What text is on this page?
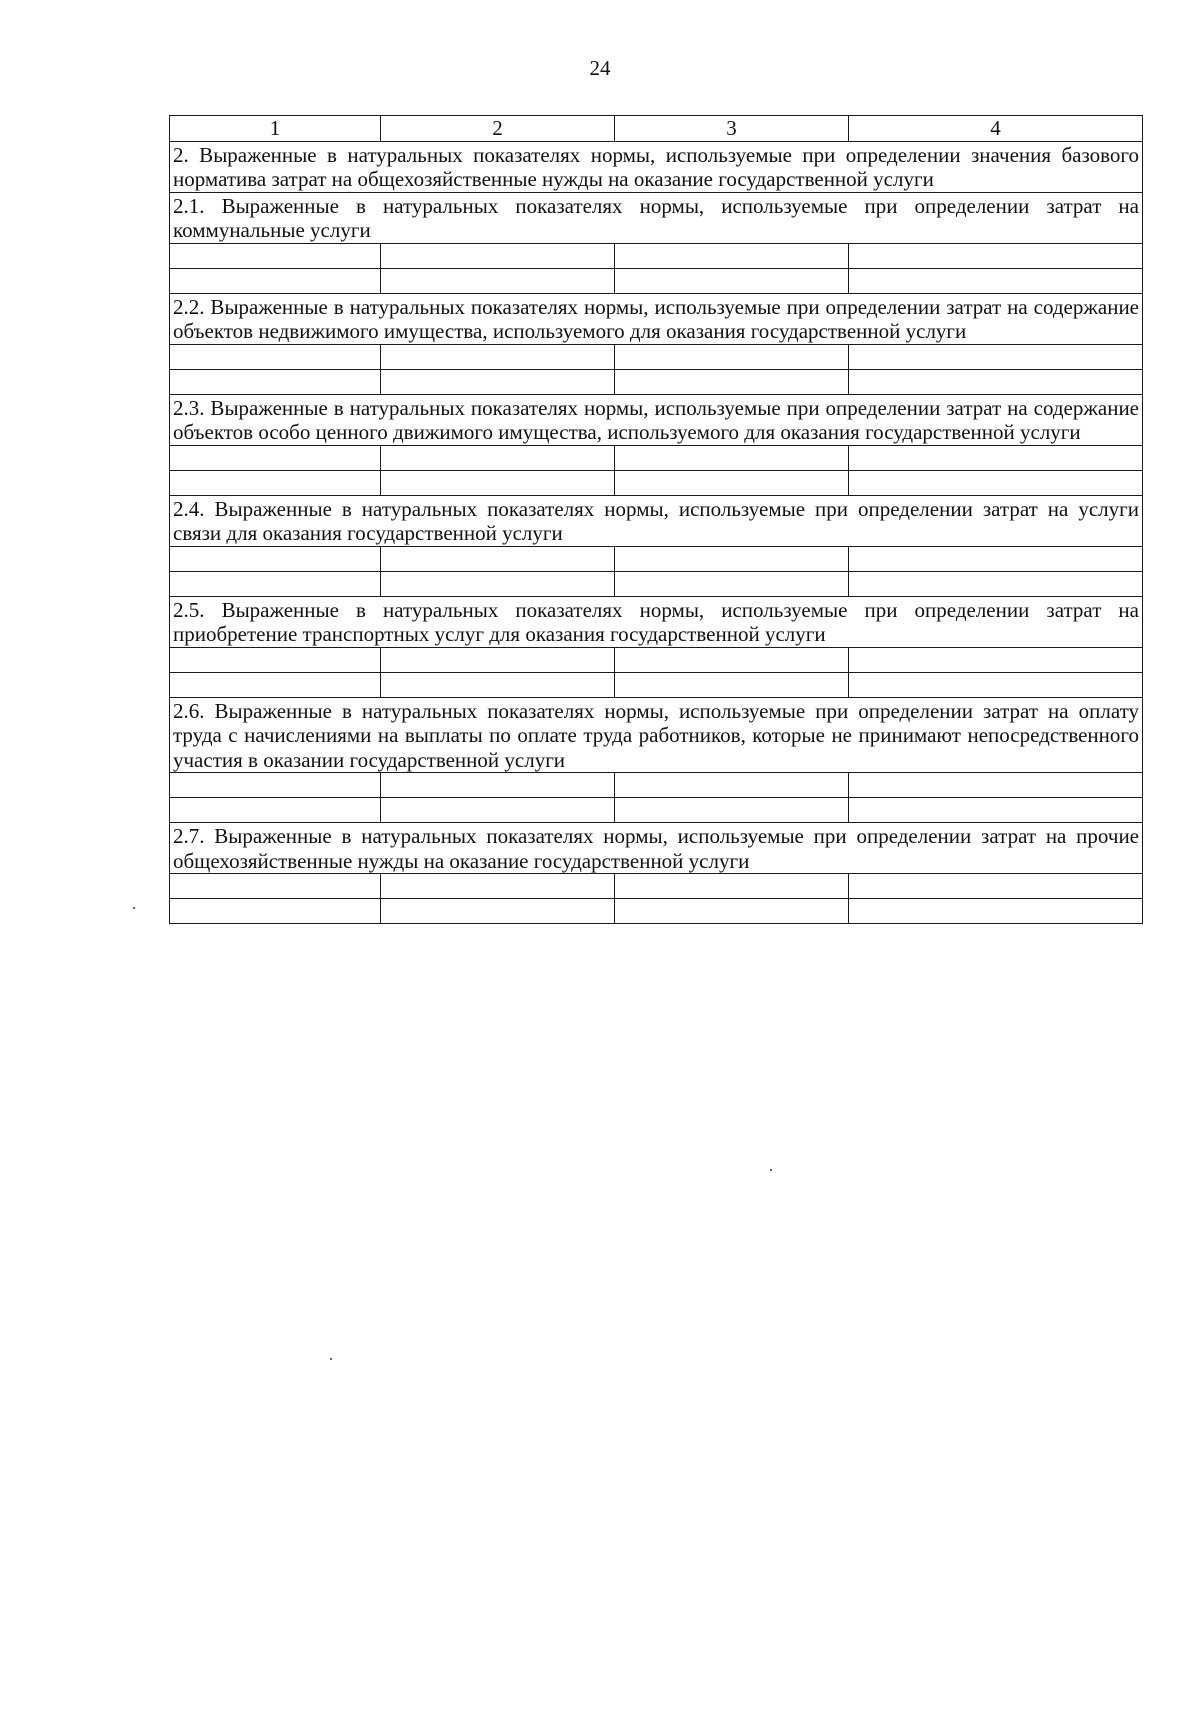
24
1	2	3	4
2. Выраженные в натуральных показателях нормы, используемые при определении значения базового норматива затрат на общехозяйственные нужды на оказание государственной услуги			
2.1. Выраженные в натуральных показателях нормы, используемые при определении затрат на коммунальные услуги			

2.2. Выраженные в натуральных показателях нормы, используемые при определении затрат на содержание объектов недвижимого имущества, используемого для оказания государственной услуги			

2.3. Выраженные в натуральных показателях нормы, используемые при определении затрат на содержание объектов особо ценного движимого имущества, используемого для оказания государственной услуги			

2.4. Выраженные в натуральных показателях нормы, используемые при определении затрат на услуги связи для оказания государственной услуги			

2.5. Выраженные в натуральных показателях нормы, используемые при определении затрат на приобретение транспортных услуг для оказания государственной услуги			

2.6. Выраженные в натуральных показателях нормы, используемые при определении затрат на оплату труда с начислениями на выплаты по оплате труда работников, которые не принимают непосредственного участия в оказании государственной услуги			

2.7. Выраженные в натуральных показателях нормы, используемые при определении затрат на прочие общехозяйственные нужды на оказание государственной услуги			
